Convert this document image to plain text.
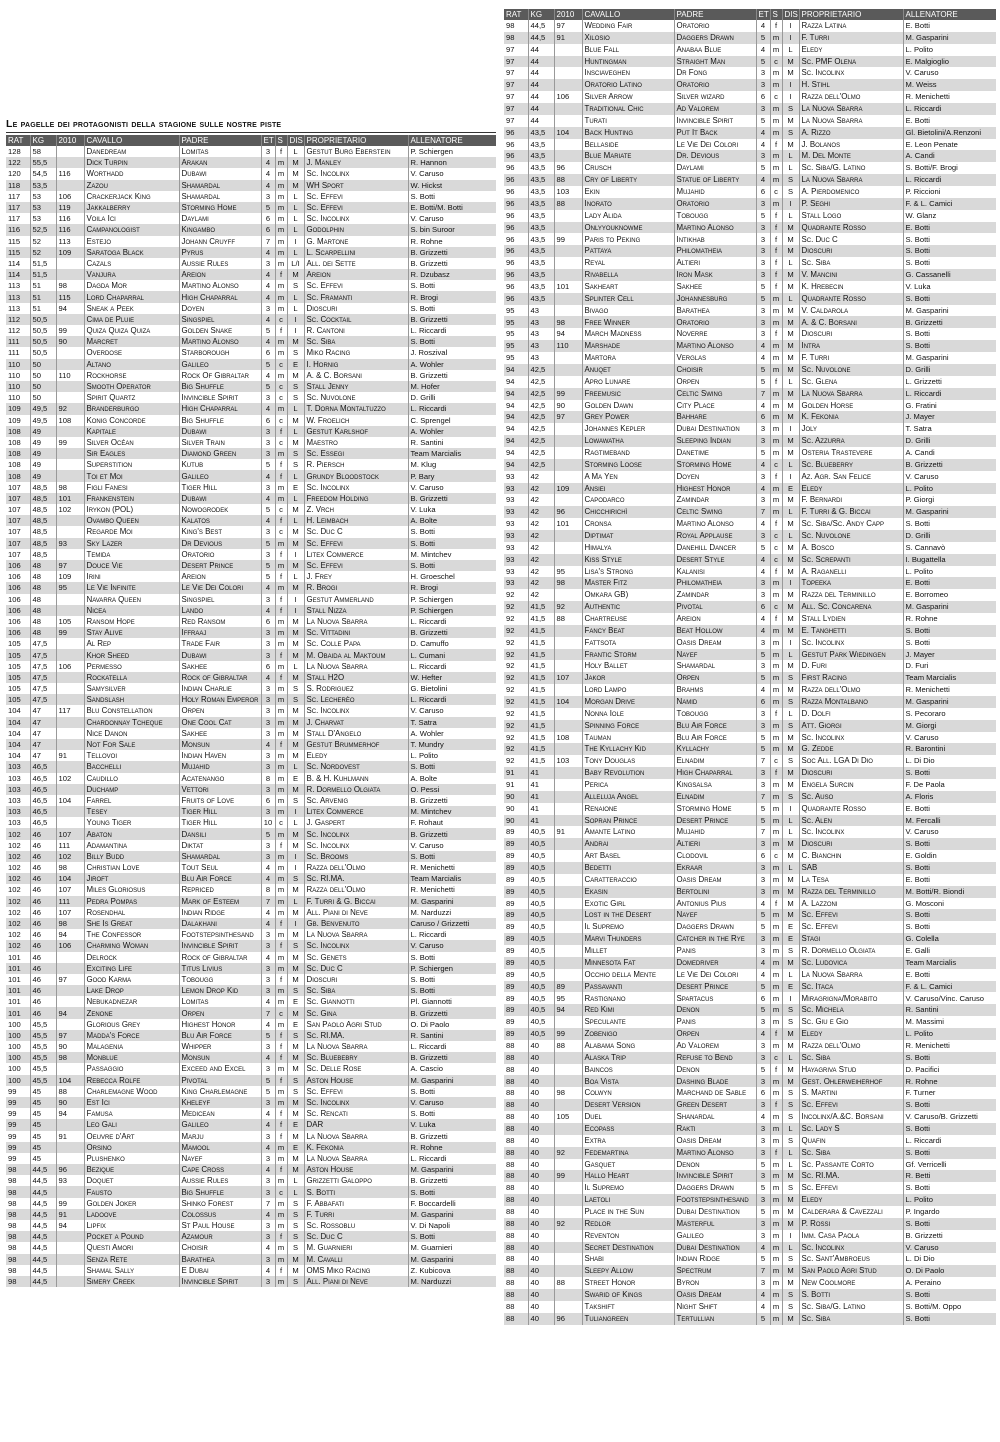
Le pagelle dei protagonisti della stagione sulle nostre piste
RAT	KG	2010	CAVALLO	PADRE	ET	S	DIS	PROPRIETARIO	ALLENATORE
128	58		Danedream	Lomitas	3	f	L	Gestut Burg Eberstein	P. Schiergen
122	55,5		Dick Turpin	Arakan	4	m	M	J. Manley	R. Hannon
120	54,5	116	Worthadd	Dubawi	4	m	M	Sc. Incolinx	V. Caruso
118	53,5		Zazou	Shamardal	4	m	M	WH Sport	W. Hickst
117	53	106	Crackerjack King	Shamardal	3	m	L	Sc. Effevi	S. Botti
117	53	119	Jakkalberry	Storming Home	5	m	L	Sc. Effevi	E. Botti/M. Botti
117	53	116	Voila Ici	Daylami	6	m	L	Sc. Incolinx	V. Caruso
116	52,5	116	Campanologist	Kingambo	6	m	L	Godolphin	S. bin Suroor
115	52	113	Estejo	Johann Cruyff	7	m	I	G. Martone	R. Rohne
115	52	109	Saratoga Black	Pyrus	4	m	L	L. Scarpellini	B. Grizzetti
114	51,5		Cazals	Aussie Rules	3	m	L/I	All. dei Sette	B. Grizzetti
114	51,5		Vanjura	Areion	4	f	M	Areion	R. Dzubasz
113	51	98	Dagda Mor	Martino Alonso	4	m	S	Sc. Effevi	S. Botti
113	51	115	Lord Chaparral	High Chaparral	4	m	L	Sc. Framanti	R. Brogi
113	51	94	Sneak a Peek	Doyen	3	m	L	Dioscuri	S. Botti
112	50,5		Cima de Pluie	Singspiel	4	c	I	Sc. Cocktail	B. Grizzetti
112	50,5	99	Quiza Quiza Quiza	Golden Snake	5	f	I	R. Cantoni	L. Riccardi
111	50,5	90	Marcret	Martino Alonso	4	m	M	Sc. Siba	S. Botti
111	50,5		Overdose	Starborough	6	m	S	Miko Racing	J. Roszival
110	50		Altano	Galileo	5	c	E	I. Hornig	A. Wohler
110	50	110	Rockhorse	Rock Of Gibraltar	4	m	M	A. & C. Borsani	B. Grizzetti
110	50		Smooth Operator	Big Shuffle	5	c	S	Stall Jenny	M. Hofer
110	50		Spirit Quartz	Invincible Spirit	3	c	S	Sc. Nuvolone	D. Grilli
109	49,5	92	Branderburgo	High Chaparral	4	m	L	T. Dorna Montaltuzzo	L. Riccardi
109	49,5	108	Konig Concorde	Big Shuffle	6	c	M	W. Froelich	C. Sprengel
108	49		Kapitale	Dubawi	3	f	L	Gestut Karlshof	A. Wohler
108	49	99	Silver Océan	Silver Train	3	c	M	Maestro	R. Santini
108	49		Sir Eagles	Diamond Green	3	m	S	Sc. Essegi	Team Marcialis
108	49		Superstition	Kutub	5	f	S	R. Piersch	M. Klug
108	49		Toi et Moi	Galileo	4	f	L	Grundy Bloodstock	P. Bary
107	48,5	98	Figli Fanesi	Tiger Hill	3	m	E	Sc. Incolinx	V. Caruso
107	48,5	101	Frankenstein	Dubawi	4	m	L	Freedom Holding	B. Grizzetti
107	48,5	102	Irykon (POL)	Nowogrodek	5	c	M	Z. Vrch	V. Luka
107	48,5		Ovambo Queen	Kalatos	4	f	L	H. Leimbach	A. Bolte
107	48,5		Regarde Moi	King's Best	3	c	M	Sc. Duc C	S. Botti
107	48,5	93	Sky Lazer	Dr Devious	5	m	M	Sc. Effevi	S. Botti
107	48,5		Temida	Oratorio	3	f	I	Litex Commerce	M. Mintchev
106	48	97	Douce Vie	Desert Prince	5	m	M	Sc. Effevi	S. Botti
106	48	109	Irini	Areion	5	f	L	J. Frey	H. Groeschel
106	48	95	Le Vie Infinite	Le Vie Dei Colori	4	m	M	R. Brogi	R. Brogi
106	48		Navarra Queen	Singspiel	3	f	I	Gestut Ammerland	P. Schiergen
106	48		Nicea	Lando	4	f	I	Stall Nizza	P. Schiergen
106	48	105	Ransom Hope	Red Ransom	6	m	M	La Nuova Sbarra	L. Riccardi
106	48	99	Stay Alive	Iffraaj	3	m	M	Sc. Vittadini	B. Grizzetti
105	47,5		Al Rep	Trade Fair	3	m	M	Sc. Colle Papa	D. Camuffo
105	47,5		Khor Sheed	Dubawi	3	f	M	M. Obaida al Maktoum	L. Cumani
105	47,5	106	Permesso	Sakhee	6	m	L	La Nuova Sbarra	L. Riccardi
105	47,5		Rockatella	Rock of Gibraltar	4	f	M	Stall H2O	W. Hefter
105	47,5		Samysilver	Indian Charlie	3	m	S	S. Rodriguez	G. Bietolini
105	47,5		Sandslash	Holy Roman Emperor	3	m	S	Sc. Lecherèo	L. Riccardi
104	47	117	Blu Constellation	Orpen	3	m	M	Sc. Incolinx	V. Caruso
104	47		Chardonnay Tcheque	One Cool Cat	3	m	M	J. Charvat	T. Satra
104	47		Nice Danon	Sakhee	3	m	M	Stall D'Angelo	A. Wohler
104	47		Not For Sale	Monsun	4	f	M	Gestut Brummerhof	T. Mundry
104	47	91	Tellovoi	Indian Haven	3	m	M	Eledy	L. Polito
103	46,5		Bacchelli	Mujahid	3	m	L	Sc. Nordovest	S. Botti
103	46,5	102	Caudillo	Acatenango	8	m	E	B. & H. Kuhlmann	A. Bolte
103	46,5		Duchamp	Vettori	3	m	M	R. Dormello Olgiata	O. Pessi
103	46,5	104	Farrel	Fruits of Love	6	m	S	Sc. Arvenig	B. Grizzetti
103	46,5		Tesey	Tiger Hill	3	m	I	Litex Commerce	M. Mintchev
103	46,5		Young Tiger	Tiger Hill	10	c	L	J. Gaspert	F. Rohaut
102	46	107	Abaton	Dansili	5	m	M	Sc. Incolinx	B. Grizzetti
102	46	111	Adamantina	Diktat	3	f	M	Sc. Incolinx	V. Caruso
102	46	102	Billy Budd	Shamardal	3	m	I	Sc. Brooms	S. Botti
102	46	98	Christian Love	Tout Seul	4	m	I	Razza dell'Olmo	R. Menichetti
102	46	104	Jiroft	Blu Air Force	4	m	S	Sc. RI.MA.	Team Marcialis
102	46	107	Miles Gloriosus	Repriced	8	m	M	Razza dell'Olmo	R. Menichetti
102	46	111	Pedra Pompas	Mark of Esteem	7	m	L	F. Turri & G. Biccai	M. Gasparini
102	46	107	Rosendhal	Indian Ridge	4	m	M	All. Piani di Neve	M. Narduzzi
102	46	98	She Is Great	Dalakhani	4	f	I	Gb. Benvenuto	Caruso / Grizzetti
102	46	94	The Confessor	Footstepsinthesand	3	m	M	La Nuova Sbarra	L. Riccardi
102	46	106	Charming Woman	Invincible Spirit	3	f	S	Sc. Incolinx	V. Caruso
101	46		Delrock	Rock of Gibraltar	4	m	M	Sc. Genets	S. Botti
101	46		Exciting Life	Titus Livius	3	m	M	Sc. Duc C	P. Schiergen
101	46	97	Good Karma	Tobougg	3	f	M	Dioscuri	S. Botti
101	46		Lake Drop	Lemon Drop Kid	3	m	S	Sc. Siba	S. Botti
101	46		Nebukadnezar	Lomitas	4	m	E	Sc. Giannotti	Pl. Giannotti
101	46	94	Zenone	Orpen	7	c	M	Sc. Gina	B. Grizzetti
100	45,5		Glorious Grey	Highest Honor	4	m	E	San Paolo Agri Stud	O. Di Paolo
100	45,5	97	Madda's Force	Blu Air Force	5	f	S	Sc. RI.MA.	R. Santini
100	45,5	90	Malagenia	Whipper	3	f	M	La Nuova Sbarra	L. Riccardi
100	45,5	98	Monblue	Monsun	4	f	M	Sc. Bluebebry	B. Grizzetti
100	45,5		Passaggio	Exceed and Excel	3	m	M	Sc. Delle Rose	A. Cascio
100	45,5	104	Rebecca Rolfe	Pivotal	5	f	S	Aston House	M. Gasparini
99	45	88	Charlemagne Wood	King Charlemagne	5	m	S	Sc. Effevi	S. Botti
99	45	90	Est Ici	Kheleyf	3	m	M	Sc. Incolinx	V. Caruso
99	45	94	Famusa	Medicean	4	f	M	Sc. Rencati	S. Botti
99	45		Leo Gali	Galileo	4	f	E	DAR	V. Luka
99	45	91	Oeuvre d'Art	Marju	3	f	M	La Nuova Sbarra	B. Grizzetti
99	45		Orsino	Mamool	4	m	E	K. Fekonia	R. Rohne
99	45		Plushenko	Nayef	3	m	M	La Nuova Sbarra	L. Riccardi
98	44,5	96	Bezique	Cape Cross	4	f	M	Aston House	M. Gasparini
98	44,5	93	Doquet	Aussie Rules	3	m	L	Grizzetti Galoppo	B. Grizzetti
98	44,5		Fausto	Big Shuffle	3	c	L	S. Botti	S. Botti
98	44,5	99	Golden Joker	Shinko Forest	7	m	S	F. Abbafati	F. Boccardelli
98	44,5	91	Ladoove	Colossus	4	m	S	F. Turri	M. Gasparini
98	44,5	94	Lipfix	St Paul House	3	m	S	Sc. Rossoblu	V. Di Napoli
98	44,5		Pocket a Pound	Azamour	3	f	S	Sc. Duc C	S. Botti
98	44,5		Questi Amori	Choisir	4	m	S	M. Guarnieri	M. Guarnieri
98	44,5		Senza Rete	Barathea	3	m	M	M. Cavalli	M. Gasparini
98	44,5		Shamal Sally	E Dubai	4	f	M	OMS Miko Racing	Z. Kubicova
98	44,5		Simery Creek	Invincible Spirit	3	m	S	All. Piani di Neve	M. Narduzzi
RAT	KG	2010	CAVALLO	PADRE	ET	S	DIS	PROPRIETARIO	ALLENATORE
98	44,5	97	Wedding Fair	Oratorio	4	f	I	Razza Latina	E. Botti
98	44,5	91	Xilosio	Daggers Drawn	5	m	I	F. Turri	M. Gasparini
97	44		Blue Fall	Anabaa Blue	4	m	L	Eledy	L. Polito
97	44		Huntingman	Straight Man	5	c	M	Sc. PMF Olena	E. Malgioglio
97	44		Insciaveghen	Dr Fong	3	m	M	Sc. Incolinx	V. Caruso
97	44		Oratorio Latino	Oratorio	3	m	I	H. Stihl	M. Weiss
97	44	106	Silver Arrow	Silver wizard	6	c	I	Razza dell'Olmo	R. Menichetti
97	44		Traditional Chic	Ad Valorem	3	m	S	La Nuova Sbarra	L. Riccardi
97	44		Turati	Invincible Spirit	5	m	M	La Nuova Sbarra	E. Botti
96	43,5	104	Back Hunting	Put It Back	4	m	S	A. Rizzo	Gl. Bietolini/A.Renzoni
96	43,5		Bellaside	Le Vie Dei Colori	4	f	M	J. Bolanos	E. Leon Penate
96	43,5		Blue Mariate	Dr. Devious	3	m	L	M. Del Monte	A. Candi
96	43,5	96	Crusch	Daylami	5	m	L	Sc. Siba/G. Latino	S. Botti/F. Brogi
96	43,5	88	Cry of Liberty	Statue of Liberty	4	m	S	La Nuova Sbarra	L. Riccardi
96	43,5	103	Ekin	Mujahid	6	c	S	A. Pierdomenico	P. Riccioni
96	43,5	88	Inorato	Oratorio	3	m	I	P. Seghi	F. & L. Camici
96	43,5		Lady Alida	Tobougg	5	f	L	Stall Logo	W. Glanz
96	43,5		Onlyyouknowme	Martino Alonso	3	f	M	Quadrante Rosso	E. Botti
96	43,5	99	Paris to Peking	Intikhab	3	f	M	Sc. Duc C	S. Botti
96	43,5		Pattaya	Philomatheia	3	f	M	Dioscuri	S. Botti
96	43,5		Reyal	Altieri	3	f	L	Sc. Siba	S. Botti
96	43,5		Rivabella	Iron Mask	3	f	M	V. Mancini	G. Cassanelli
96	43,5	101	Sakheart	Sakhee	5	f	M	K. Hrebecin	V. Luka
96	43,5		Splinter Cell	Johannesburg	5	m	L	Quadrante Rosso	S. Botti
95	43		Bivago	Barathea	3	m	M	V. Caldarola	M. Gasparini
95	43	98	Free Winner	Oratorio	3	m	M	A. & C. Borsani	B. Grizzetti
95	43	94	March Madness	Noverre	3	f	M	Dioscuri	S. Botti
95	43	110	Marshade	Martino Alonso	4	m	M	Intra	S. Botti
95	43		Martora	Verglas	4	m	M	F. Turri	M. Gasparini
94	42,5		Anuqet	Choisir	5	m	M	Sc. Nuvolone	D. Grilli
94	42,5		Apro Lunare	Orpen	5	f	L	Sc. Glena	L. Grizzetti
94	42,5	99	Freemusic	Celtic Swing	7	m	M	La Nuova Sbarra	L. Riccardi
94	42,5	90	Golden Dawn	City Place	4	m	M	Golden Horse	G. Fratini
94	42,5	97	Grey Power	Bahhare	6	m	M	K. Fekonia	J. Mayer
94	42,5		Johannes Kepler	Dubai Destination	3	m	I	Joly	T. Satra
94	42,5		Lowawatha	Sleeping Indian	3	m	M	Sc. Azzurra	D. Grilli
94	42,5		Ragtimeband	Danetime	5	m	M	Osteria Trastevere	A. Candi
94	42,5		Storming Loose	Storming Home	4	c	L	Sc. Blueberry	B. Grizzetti
93	42		A Ma Yen	Doyen	3	f	I	Az. Agr. San Felice	V. Caruso
93	42	109	Ansiei	Highest Honor	4	m	E	Eledy	L. Polito
93	42		Capodarco	Zamindar	3	m	M	F. Bernardi	P. Giorgi
93	42	96	Chicchirichì	Celtic Swing	7	m	L	F. Turri & G. Biccai	M. Gasparini
93	42	101	Cronsa	Martino Alonso	4	f	M	Sc. Siba/Sc. Andy Capp	S. Botti
93	42		Diptimat	Royal Applause	3	c	L	Sc. Nuvolone	D. Grilli
93	42		Himalya	Danehill Dancer	5	c	M	A. Bosco	S. Cannavò
93	42		Kiss Style	Desert Style	4	c	M	Sc. Screpanti	I. Bugattella
93	42	95	Lisa's Strong	Kalanisi	4	f	M	A. Raganelli	L. Polito
93	42	98	Master Fitz	Philomatheia	3	m	I	Topeeka	E. Botti
92	42		Omkara GB)	Zamindar	3	m	M	Razza del Terminillo	E. Borromeo
92	41,5	92	Authentic	Pivotal	6	c	M	All. Sc. Concarena	M. Gasparini
92	41,5	88	Chartreuse	Areion	4	f	M	Stall Lydien	R. Rohne
92	41,5		Fancy Beat	Beat Hollow	4	m	M	E. Tanghetti	S. Botti
92	41,5		Fattsota	Oasis Dream	3	m	I	Sc. Incolinx	S. Botti
92	41,5		Frantic Storm	Nayef	5	m	L	Gestut Park Wiedingen	J. Mayer
92	41,5		Holy Ballet	Shamardal	3	m	M	D. Furi	D. Furi
92	41,5	107	Jakor	Orpen	5	m	S	First Racing	Team Marcialis
92	41,5		Lord Lampo	Brahms	4	m	M	Razza dell'Olmo	R. Menichetti
92	41,5	104	Morgan Drive	Namid	6	m	S	Razza Montalbano	M. Gasparini
92	41,5		Nonna Iole	Tobougg	3	f	L	D. Dolfi	S. Pecoraro
92	41,5		Spinning Force	Blu Air Force	3	m	S	Att. Giorgi	M. Giorgi
92	41,5	108	Tauman	Blu Air Force	5	m	M	Sc. Incolinx	V. Caruso
92	41,5		The Kyllachy Kid	Kyllachy	5	m	M	G. Zedde	R. Barontini
92	41,5	103	Tony Douglas	Elnadim	7	c	S	Soc All. LGA Di Dio	L. Di Dio
91	41		Baby Revolution	High Chaparral	3	f	M	Dioscuri	S. Botti
91	41		Perica	Kingsalsa	3	m	M	Engela Surcin	F. De Paola
90	41		Alleluja Angel	Elnadim	7	m	S	Sc. Auso	A. Floris
90	41		Renaione	Storming Home	5	m	I	Quadrante Rosso	E. Botti
90	41		Sopran Prince	Desert Prince	5	m	L	Sc. Alen	M. Fercalli
89	40,5	91	Amante Latino	Mujahid	7	m	L	Sc. Incolinx	V. Caruso
89	40,5		Andrai	Altieri	3	m	M	Dioscuri	S. Botti
89	40,5		Art Basel	Clodovil	6	c	M	C. Bianchin	E. Goldin
89	40,5		Bedetti	Ekraar	3	m	L	SAB	S. Botti
89	40,5		Caratteraccio	Oasis Dream	3	m	M	La Tesa	E. Botti
89	40,5		Ekasin	Bertolini	3	m	M	Razza del Terminillo	M. Botti/R. Biondi
89	40,5		Exotic Girl	Antonius Pius	4	f	M	A. Lazzoni	G. Mosconi
89	40,5		Lost in the Desert	Nayef	5	m	M	Sc. Effevi	S. Botti
89	40,5		Il Supremo	Daggers Drawn	5	m	E	Sc. Effevi	S. Botti
89	40,5		Marvi Thunders	Catcher in the Rye	3	m	E	Stagi	G. Colella
89	40,5		Millet	Panis	3	m	S	R. Dormello Olgiata	E. Galli
89	40,5		Minnesota Fat	Domedriver	4	m	M	Sc. Ludovica	Team Marcialis
89	40,5		Occhio della Mente	Le Vie Dei Colori	4	m	L	La Nuova Sbarra	E. Botti
89	40,5	89	Passavanti	Desert Prince	5	m	E	Sc. Itaca	F. & L. Camici
89	40,5	95	Rastignano	Spartacus	6	m	I	Miragrigna/Morabito	V. Caruso/Vinc. Caruso
89	40,5	94	Red Kimi	Denon	5	m	S	Sc. Michela	R. Santini
89	40,5		Speculante	Panis	3	m	S	Sc. Giu e Gio	M. Massimi
89	40,5	99	Zobenigo	Orpen	4	f	M	Eledy	L. Polito
88	40	88	Alabama Song	Ad Valorem	3	m	M	Razza dell'Olmo	R. Menichetti
88	40		Alaska Trip	Refuse to Bend	3	c	L	Sc. Siba	S. Botti
88	40		Baincos	Denon	5	f	M	Hayagriva Stud	D. Pacifici
88	40		Boa Vista	Dashing Blade	3	m	M	Gest. Ohlerweiherhof	R. Rohne
88	40	98	Colwyn	Marchand de Sable	6	m	S	S. Martini	F. Turner
88	40		Desert Version	Green Desert	3	f	S	Sc. Effevi	S. Botti
88	40	105	Duel	Shanardal	4	m	S	Incolinx/A.&C. Borsani	V. Caruso/B. Grizzetti
88	40		Ecopass	Rakti	3	m	L	Sc. Lady S	S. Botti
88	40		Extra	Oasis Dream	3	m	S	Quafin	L. Riccardi
88	40	92	Fedemartina	Martino Alonso	3	f	L	Sc. Siba	S. Botti
88	40		Gasquet	Denon	5	m	L	Sc. Passante Corto	Gf. Verricelli
88	40	99	Hallo Heart	Invincible Spirit	3	m	M	Sc. RI.MA.	R. Betti
88	40		Il Supremo	Daggers Drawn	5	m	S	Sc. Effevi	S. Botti
88	40		Laetoli	Footstepsinthesand	3	m	M	Eledy	L. Polito
88	40		Place in the Sun	Dubai Destination	5	m	M	Calderara & Cavezzali	P. Ingardo
88	40	92	Redlor	Masterful	3	m	M	P. Rossi	S. Botti
88	40		Reventon	Galileo	3	m	I	Imm. Casa Paola	B. Grizzetti
88	40		Secret Destination	Dubai Destination	4	m	L	Sc. Incolinx	V. Caruso
88	40		Shabi	Indian Ridge	5	m	S	Sc. Sant'Ambroeus	L. Di Dio
88	40		Sleepy Allow	Spectrum	7	m	M	San Paolo Agri Stud	O. Di Paolo
88	40	88	Street Honor	Byron	3	m	M	New Coolmore	A. Peraino
88	40		Swarid of Kings	Oasis Dream	4	m	S	S. Botti	S. Botti
88	40		Takshift	Night Shift	4	m	S	Sc. Siba/G. Latino	S. Botti/M. Oppo
88	40	96	Tuliangreen	Tertullian	5	m	M	Sc. Siba	S. Botti
